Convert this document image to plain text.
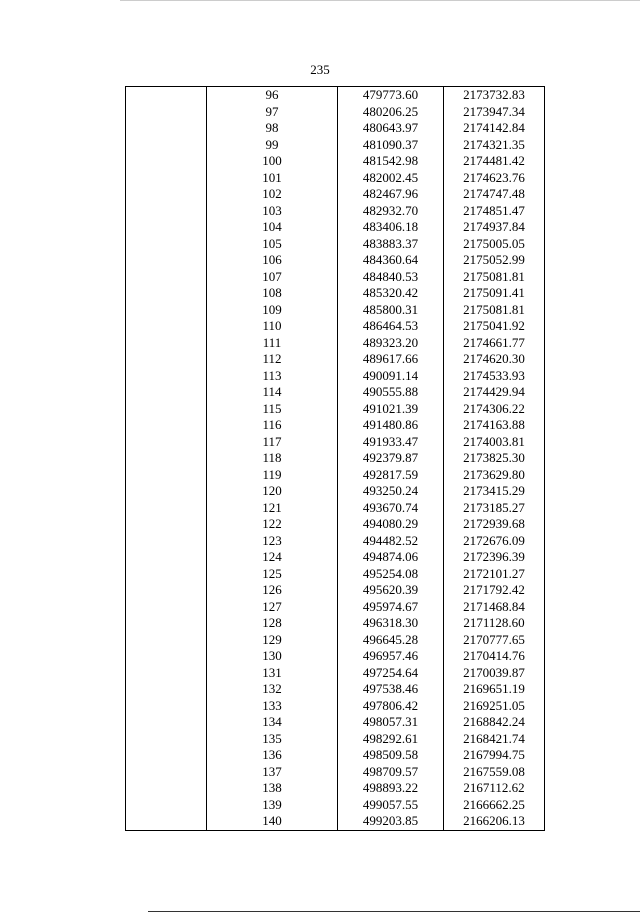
235
	96	479773.60	2173732.83
	97	480206.25	2173947.34
	98	480643.97	2174142.84
	99	481090.37	2174321.35
	100	481542.98	2174481.42
	101	482002.45	2174623.76
	102	482467.96	2174747.48
	103	482932.70	2174851.47
	104	483406.18	2174937.84
	105	483883.37	2175005.05
	106	484360.64	2175052.99
	107	484840.53	2175081.81
	108	485320.42	2175091.41
	109	485800.31	2175081.81
	110	486464.53	2175041.92
	111	489323.20	2174661.77
	112	489617.66	2174620.30
	113	490091.14	2174533.93
	114	490555.88	2174429.94
	115	491021.39	2174306.22
	116	491480.86	2174163.88
	117	491933.47	2174003.81
	118	492379.87	2173825.30
	119	492817.59	2173629.80
	120	493250.24	2173415.29
	121	493670.74	2173185.27
	122	494080.29	2172939.68
	123	494482.52	2172676.09
	124	494874.06	2172396.39
	125	495254.08	2172101.27
	126	495620.39	2171792.42
	127	495974.67	2171468.84
	128	496318.30	2171128.60
	129	496645.28	2170777.65
	130	496957.46	2170414.76
	131	497254.64	2170039.87
	132	497538.46	2169651.19
	133	497806.42	2169251.05
	134	498057.31	2168842.24
	135	498292.61	2168421.74
	136	498509.58	2167994.75
	137	498709.57	2167559.08
	138	498893.22	2167112.62
	139	499057.55	2166662.25
	140	499203.85	2166206.13
